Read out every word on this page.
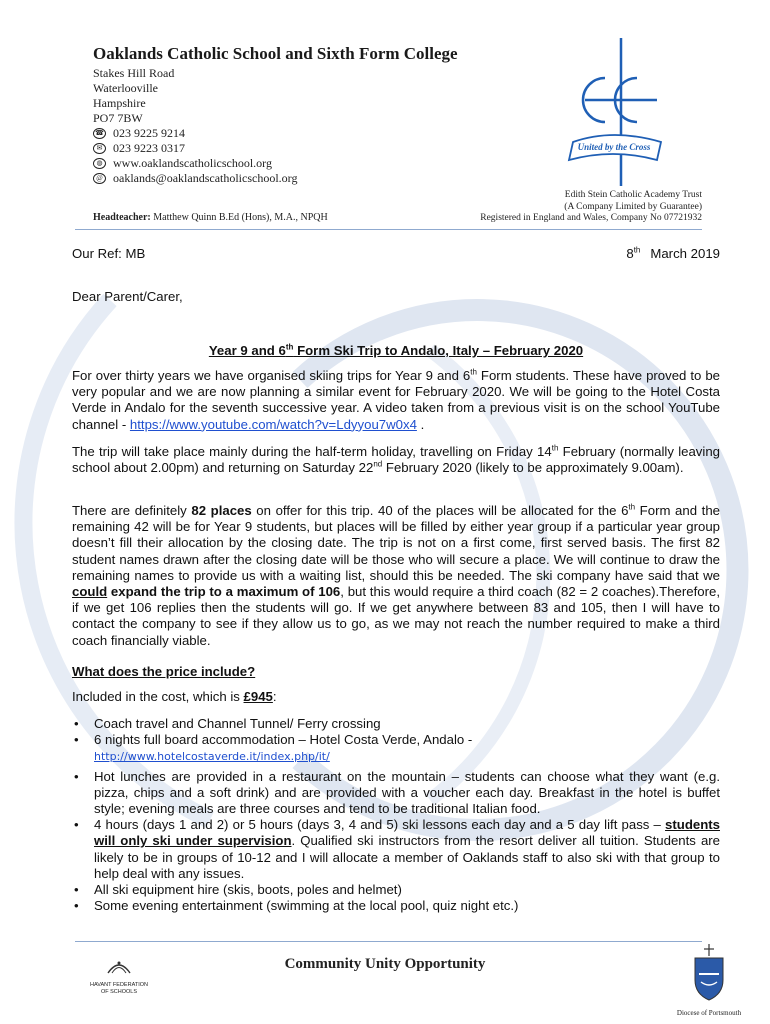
Oaklands Catholic School and Sixth Form College
Stakes Hill Road
Waterlooville
Hampshire
PO7 7BW
☎ 023 9225 9214
✉ 023 9223 0317
◍ www.oaklandscatholicschool.org
@ oaklands@oaklandscatholicschool.org
United by the Cross
Edith Stein Catholic Academy Trust
(A Company Limited by Guarantee)
Registered in England and Wales, Company No 07721932
Headteacher: Matthew Quinn B.Ed (Hons), M.A., NPQH
Our Ref: MB	8th March 2019
Dear Parent/Carer,
Year 9 and 6th Form Ski Trip to Andalo, Italy – February 2020

For over thirty years we have organised skiing trips for Year 9 and 6th Form students. These have proved to be very popular and we are now planning a similar event for February 2020. We will be going to the Hotel Costa Verde in Andalo for the seventh successive year. A video taken from a previous visit is on the school YouTube channel - https://www.youtube.com/watch?v=Ldyyou7w0x4 .

The trip will take place mainly during the half-term holiday, travelling on Friday 14th February (normally leaving school about 2.00pm) and returning on Saturday 22nd February 2020 (likely to be approximately 9.00am).

There are definitely 82 places on offer for this trip. 40 of the places will be allocated for the 6th Form and the remaining 42 will be for Year 9 students, but places will be filled by either year group if a particular year group doesn’t fill their allocation by the closing date. The trip is not on a first come, first served basis. The first 82 student names drawn after the closing date will be those who will secure a place. We will continue to draw the remaining names to provide us with a waiting list, should this be needed. The ski company have said that we could expand the trip to a maximum of 106, but this would require a third coach (82 = 2 coaches).Therefore, if we get 106 replies then the students will go. If we get anywhere between 83 and 105, then I will have to contact the company to see if they allow us to go, as we may not reach the number required to make a third coach financially viable.

What does the price include?
Included in the cost, which is £945:
• Coach travel and Channel Tunnel/ Ferry crossing
• 6 nights full board accommodation – Hotel Costa Verde, Andalo -
http://www.hotelcostaverde.it/index.php/it/
• Hot lunches are provided in a restaurant on the mountain – students can choose what they want (e.g. pizza, chips and a soft drink) and are provided with a voucher each day. Breakfast in the hotel is buffet style; evening meals are three courses and tend to be traditional Italian food.
• 4 hours (days 1 and 2) or 5 hours (days 3, 4 and 5) ski lessons each day and a 5 day lift pass – students will only ski under supervision. Qualified ski instructors from the resort deliver all tuition. Students are likely to be in groups of 10-12 and I will allocate a member of Oaklands staff to also ski with that group to help deal with any issues.
• All ski equipment hire (skis, boots, poles and helmet)
• Some evening entertainment (swimming at the local pool, quiz night etc.)
HAVANT FEDERATION
OF SCHOOLS
Community Unity Opportunity
Diocese of Portsmouth
